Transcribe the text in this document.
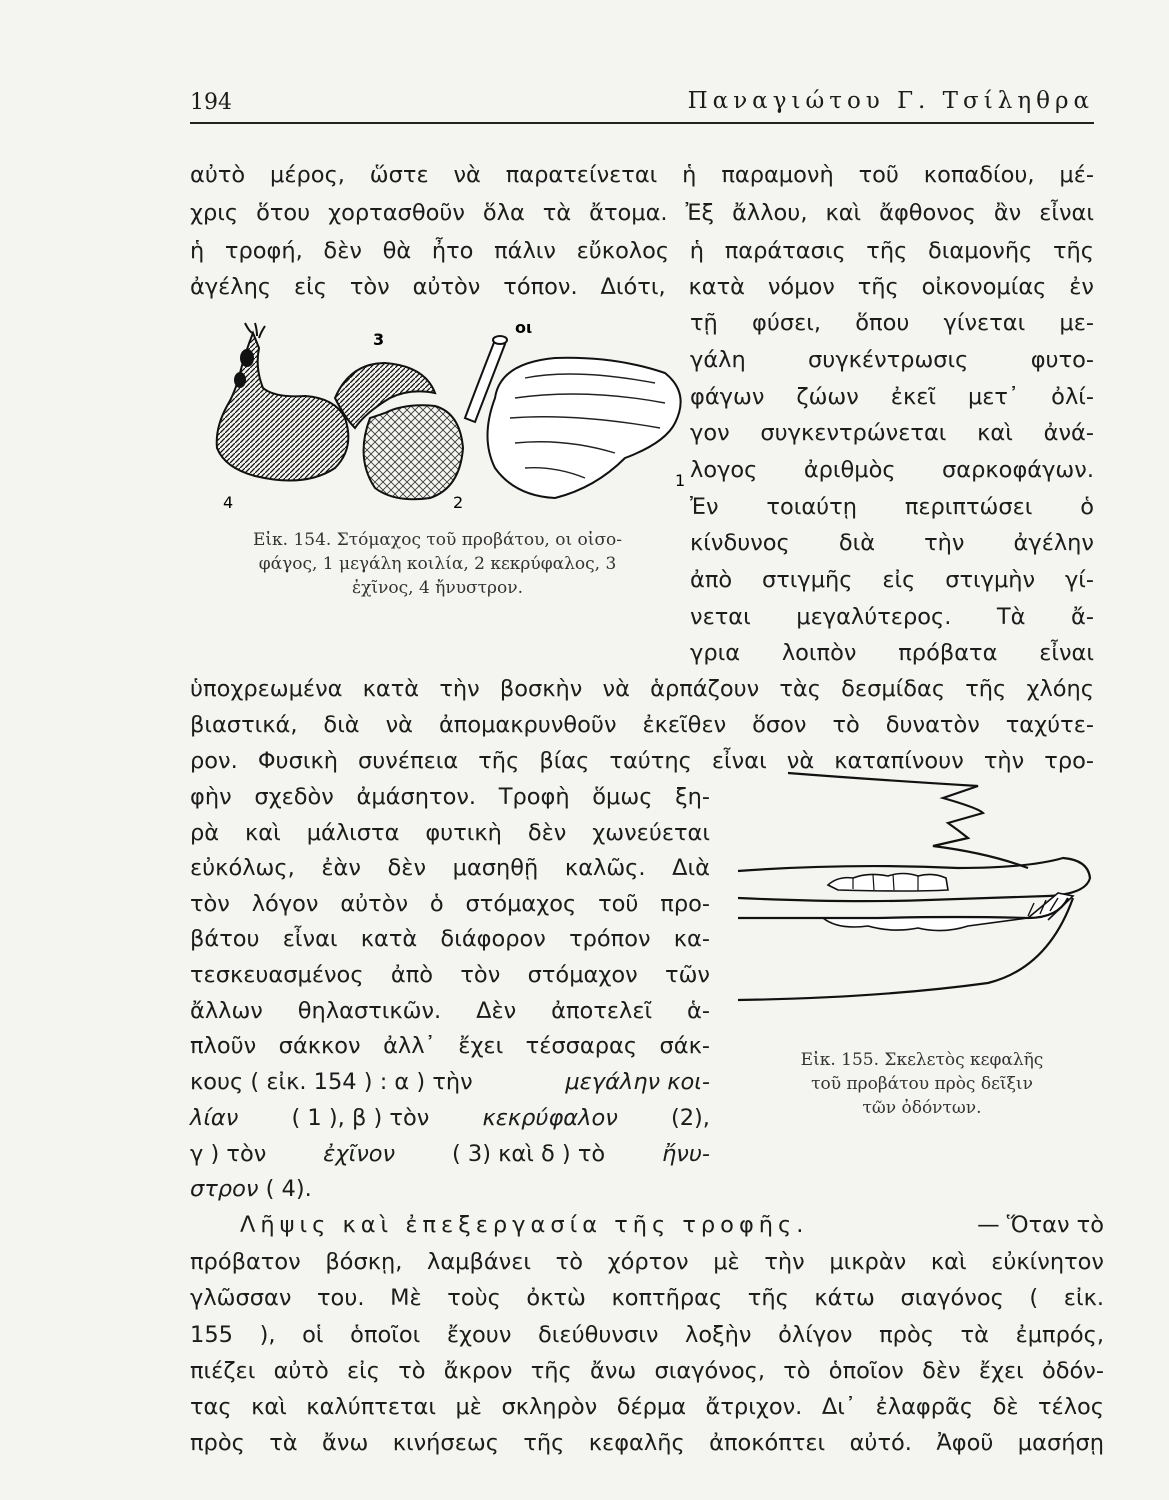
194	Παναγιώτου Γ. Τσίληθρα
αὐτὸ μέρος, ὥστε νὰ παρατείνεται ἡ παραμονὴ τοῦ κοπαδίου, μέ-
χρις ὅτου χορτασθοῦν ὅλα τὰ ἄτομα. Ἐξ ἄλλου, καὶ ἄφθονος ἂν εἶναι
ἡ τροφή, δὲν θὰ ἦτο πάλιν εὔκολος ἡ παράτασις τῆς διαμονῆς τῆς
ἀγέλης εἰς τὸν αὐτὸν τόπον. Διότι, κατὰ νόμον τῆς οἰκονομίας ἐν
τῇ φύσει, ὅπου γίνεται με-
γάλη συγκέντρωσις φυτο-
φάγων ζώων ἐκεῖ μετ᾽ ὀλί-
γον συγκεντρώνεται καὶ ἀνά-
λογος ἀριθμὸς σαρκοφάγων.
Ἐν τοιαύτῃ περιπτώσει ὁ
κίνδυνος διὰ τὴν ἀγέλην
ἀπὸ στιγμῆς εἰς στιγμὴν γί-
νεται μεγαλύτερος. Τὰ ἄ-
γρια λοιπὸν πρόβατα εἶναι
3
οι
1
2
4
Εἰκ. 154. Στόμαχος τοῦ προβάτου, οι οἰσο-
φάγος, 1 μεγάλη κοιλία, 2 κεκρύφαλος, 3
ἐχῖνος, 4 ἤνυστρον.
ὑποχρεωμένα κατὰ τὴν βοσκὴν νὰ ἁρπάζουν τὰς δεσμίδας τῆς χλόης
βιαστικά, διὰ νὰ ἀπομακρυνθοῦν ἐκεῖθεν ὅσον τὸ δυνατὸν ταχύτε-
ρον. Φυσικὴ συνέπεια τῆς βίας ταύτης εἶναι νὰ καταπίνουν τὴν τρο-
φὴν σχεδὸν ἀμάσητον. Τροφὴ ὅμως ξη-
ρὰ καὶ μάλιστα φυτικὴ δὲν χωνεύεται
εὐκόλως, ἐὰν δὲν μασηθῇ καλῶς. Διὰ
τὸν λόγον αὐτὸν ὁ στόμαχος τοῦ προ-
βάτου εἶναι κατὰ διάφορον τρόπον κα-
τεσκευασμένος ἀπὸ τὸν στόμαχον τῶν
ἄλλων θηλαστικῶν. Δὲν ἀποτελεῖ ἁ-
πλοῦν σάκκον ἀλλ᾽ ἔχει τέσσαρας σάκ-
κους ( εἰκ. 154 ) : α ) τὴν	μεγάλην κοι-
λίαν ( 1 ), β ) τὸν κεκρύφαλον (2),
γ ) τὸν	ἐχῖνον	( 3) καὶ δ ) τὸ	ἤνυ-
στρον ( 4).
Εἰκ. 155. Σκελετὸς κεφαλῆς
τοῦ προβάτου πρὸς δεῖξιν
τῶν ὀδόντων.
Λῆψις καὶ ἐπεξεργασία τῆς τροφῆς.	— Ὅταν τὸ
πρόβατον βόσκῃ, λαμβάνει τὸ χόρτον μὲ τὴν μικρὰν καὶ εὐκίνητον
γλῶσσαν του. Μὲ τοὺς ὀκτὼ κοπτῆρας τῆς κάτω σιαγόνος ( εἰκ.
155 ), οἱ ὁποῖοι ἔχουν διεύθυνσιν λοξὴν ὀλίγον πρὸς τὰ ἐμπρός,
πιέζει αὐτὸ εἰς τὸ ἄκρον τῆς ἄνω σιαγόνος, τὸ ὁποῖον δὲν ἔχει ὀδόν-
τας καὶ καλύπτεται μὲ σκληρὸν δέρμα ἄτριχον. Δι᾽ ἐλαφρᾶς δὲ τέλος
πρὸς τὰ ἄνω κινήσεως τῆς κεφαλῆς ἀποκόπτει αὐτό. Ἀφοῦ μασήσῃ
